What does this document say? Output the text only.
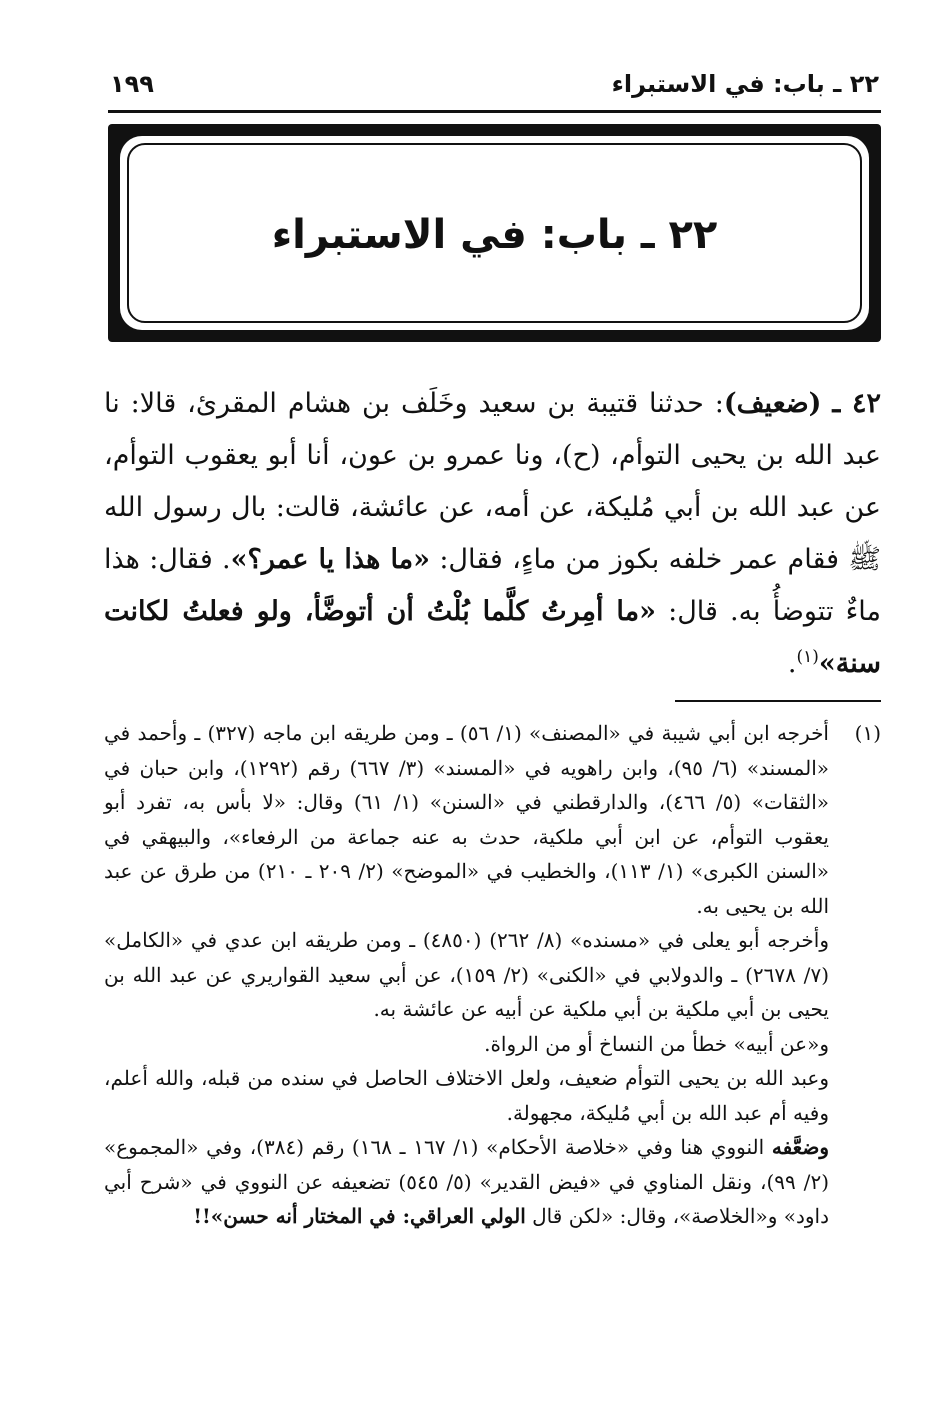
٢٢ ـ باب: في الاستبراء
١٩٩
٢٢ ـ باب: في الاستبراء
٤٢ ـ (ضعيف): حدثنا قتيبة بن سعيد وخَلَف بن هشام المقرئ، قالا: نا عبد الله بن يحيى التوأم، (ح)، ونا عمرو بن عون، أنا أبو يعقوب التوأم، عن عبد الله بن أبي مُليكة، عن أمه، عن عائشة، قالت: بال رسول الله ﷺ فقام عمر خلفه بكوز من ماءٍ، فقال: «ما هذا يا عمر؟». فقال: هذا ماءٌ تتوضأُ به. قال: «ما أمِرتُ كلَّما بُلْتُ أن أتوضَّأ، ولو فعلتُ لكانت سنة»$^{(١)}$.
(١)
أخرجه ابن أبي شيبة في «المصنف» (١/ ٥٦) ـ ومن طريقه ابن ماجه (٣٢٧) ـ وأحمد في «المسند» (٦/ ٩٥)، وابن راهويه في «المسند» (٣/ ٦٦٧) رقم (١٢٩٢)، وابن حبان في «الثقات» (٥/ ٤٦٦)، والدارقطني في «السنن» (١/ ٦١) وقال: «لا بأس به، تفرد أبو يعقوب التوأم، عن ابن أبي ملكية، حدث به عنه جماعة من الرفعاء»، والبيهقي في «السنن الكبرى» (١/ ١١٣)، والخطيب في «الموضح» (٢/ ٢٠٩ ـ ٢١٠) من طرق عن عبد الله بن يحيى به.
وأخرجه أبو يعلى في «مسنده» (٨/ ٢٦٢) (٤٨٥٠) ـ ومن طريقه ابن عدي في «الكامل» (٧/ ٢٦٧٨) ـ والدولابي في «الكنى» (٢/ ١٥٩)، عن أبي سعيد القواريري عن عبد الله بن يحيى بن أبي ملكية بن أبي ملكية عن أبيه عن عائشة به.
و«عن أبيه» خطأ من النساخ أو من الرواة.
وعبد الله بن يحيى التوأم ضعيف، ولعل الاختلاف الحاصل في سنده من قبله، والله أعلم، وفيه أم عبد الله بن أبي مُليكة، مجهولة.
وضعَّفه النووي هنا وفي «خلاصة الأحكام» (١/ ١٦٧ ـ ١٦٨) رقم (٣٨٤)، وفي «المجموع» (٢/ ٩٩)، ونقل المناوي في «فيض القدير» (٥/ ٥٤٥) تضعيفه عن النووي في «شرح أبي داود» و«الخلاصة»، وقال: «لكن قال الولي العراقي: في المختار أنه حسن»!!
